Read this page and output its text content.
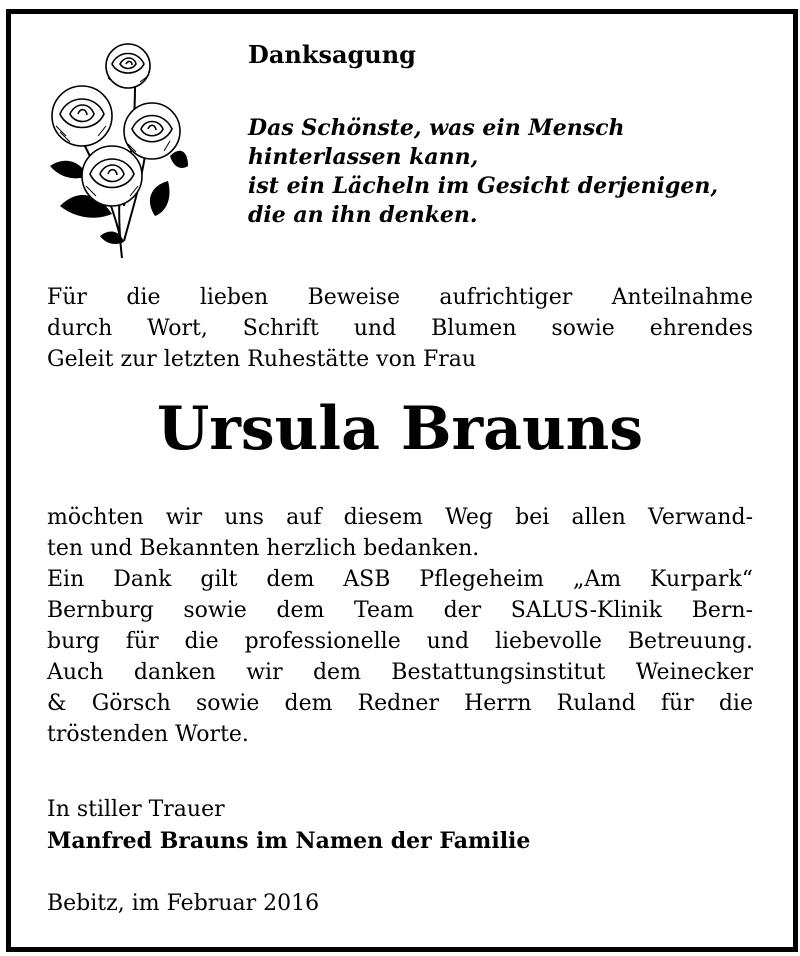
Danksagung
Das Schönste, was ein Mensch
hinterlassen kann,
ist ein Lächeln im Gesicht derjenigen,
die an ihn denken.
Für die lieben Beweise aufrichtiger Anteilnahme
durch Wort, Schrift und Blumen sowie ehrendes
Geleit zur letzten Ruhestätte von Frau
Ursula Brauns
möchten wir uns auf diesem Weg bei allen Verwand-
ten und Bekannten herzlich bedanken.
Ein Dank gilt dem ASB Pflegeheim „Am Kurpark“
Bernburg sowie dem Team der SALUS-Klinik Bern-
burg für die professionelle und liebevolle Betreuung.
Auch danken wir dem Bestattungsinstitut Weinecker
& Görsch sowie dem Redner Herrn Ruland für die
tröstenden Worte.
In stiller Trauer
Manfred Brauns im Namen der Familie
Bebitz, im Februar 2016
